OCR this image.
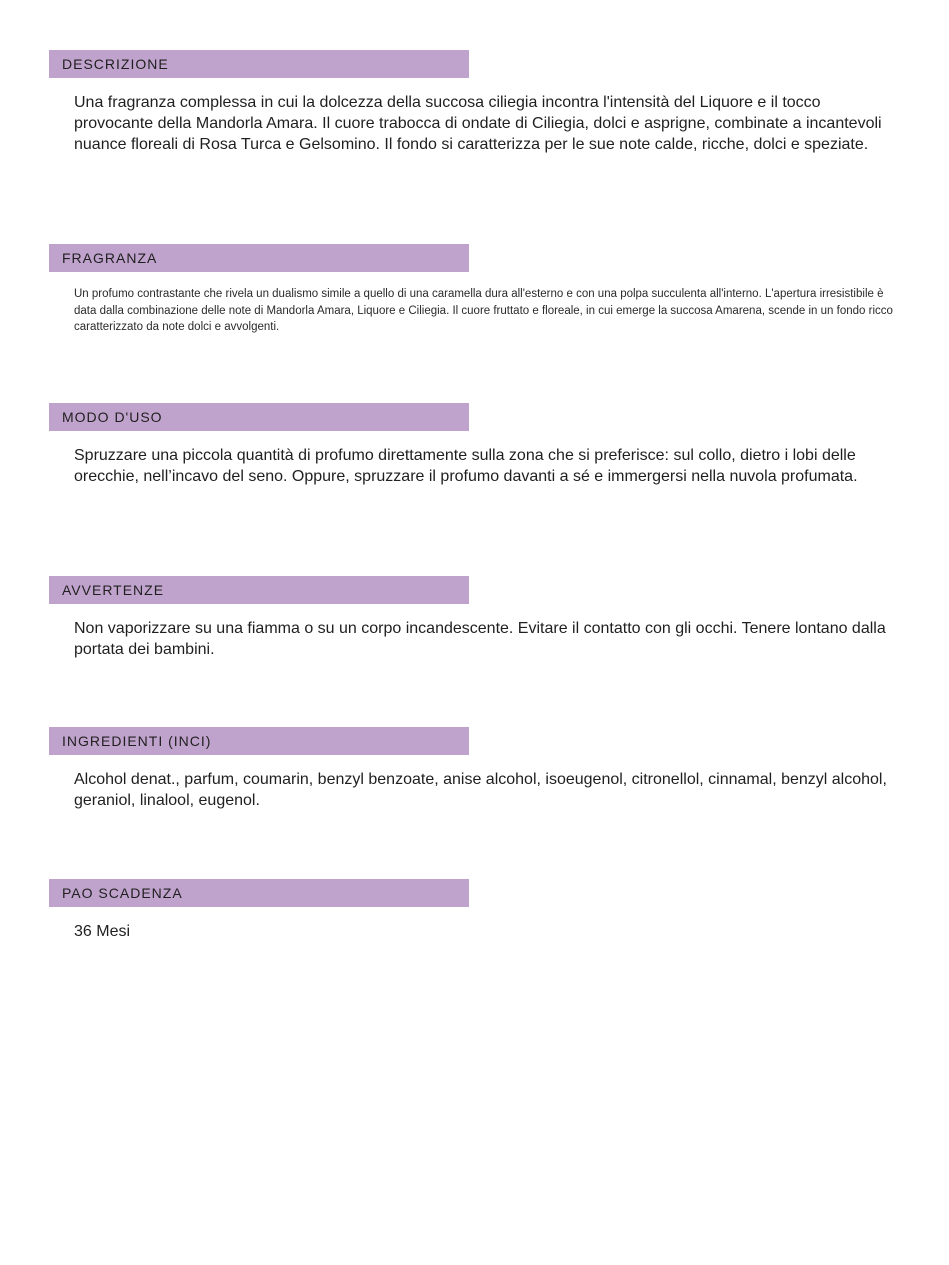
DESCRIZIONE

Una fragranza complessa in cui la dolcezza della succosa ciliegia incontra l'intensità del Liquore e il tocco provocante della Mandorla Amara. Il cuore trabocca di ondate di Ciliegia, dolci e asprigne, combinate a incantevoli nuance floreali di Rosa Turca e Gelsomino. Il fondo si caratterizza per le sue note calde, ricche, dolci e speziate.

FRAGRANZA

Un profumo contrastante che rivela un dualismo simile a quello di una caramella dura all'esterno e con una polpa succulenta all'interno. L'apertura irresistibile è data dalla combinazione delle note di Mandorla Amara, Liquore e Ciliegia. Il cuore fruttato e floreale, in cui emerge la succosa Amarena, scende in un fondo ricco caratterizzato da note dolci e avvolgenti.

MODO D'USO

Spruzzare una piccola quantità di profumo direttamente sulla zona che si preferisce: sul collo, dietro i lobi delle orecchie, nell’incavo del seno. Oppure, spruzzare il profumo davanti a sé e immergersi nella nuvola profumata.

AVVERTENZE

Non vaporizzare su una fiamma o su un corpo incandescente. Evitare il contatto con gli occhi. Tenere lontano dalla portata dei bambini.

INGREDIENTI (INCI)

Alcohol denat., parfum, coumarin, benzyl benzoate, anise alcohol, isoeugenol, citronellol, cinnamal, benzyl alcohol, geraniol, linalool, eugenol.

PAO SCADENZA

36 Mesi
